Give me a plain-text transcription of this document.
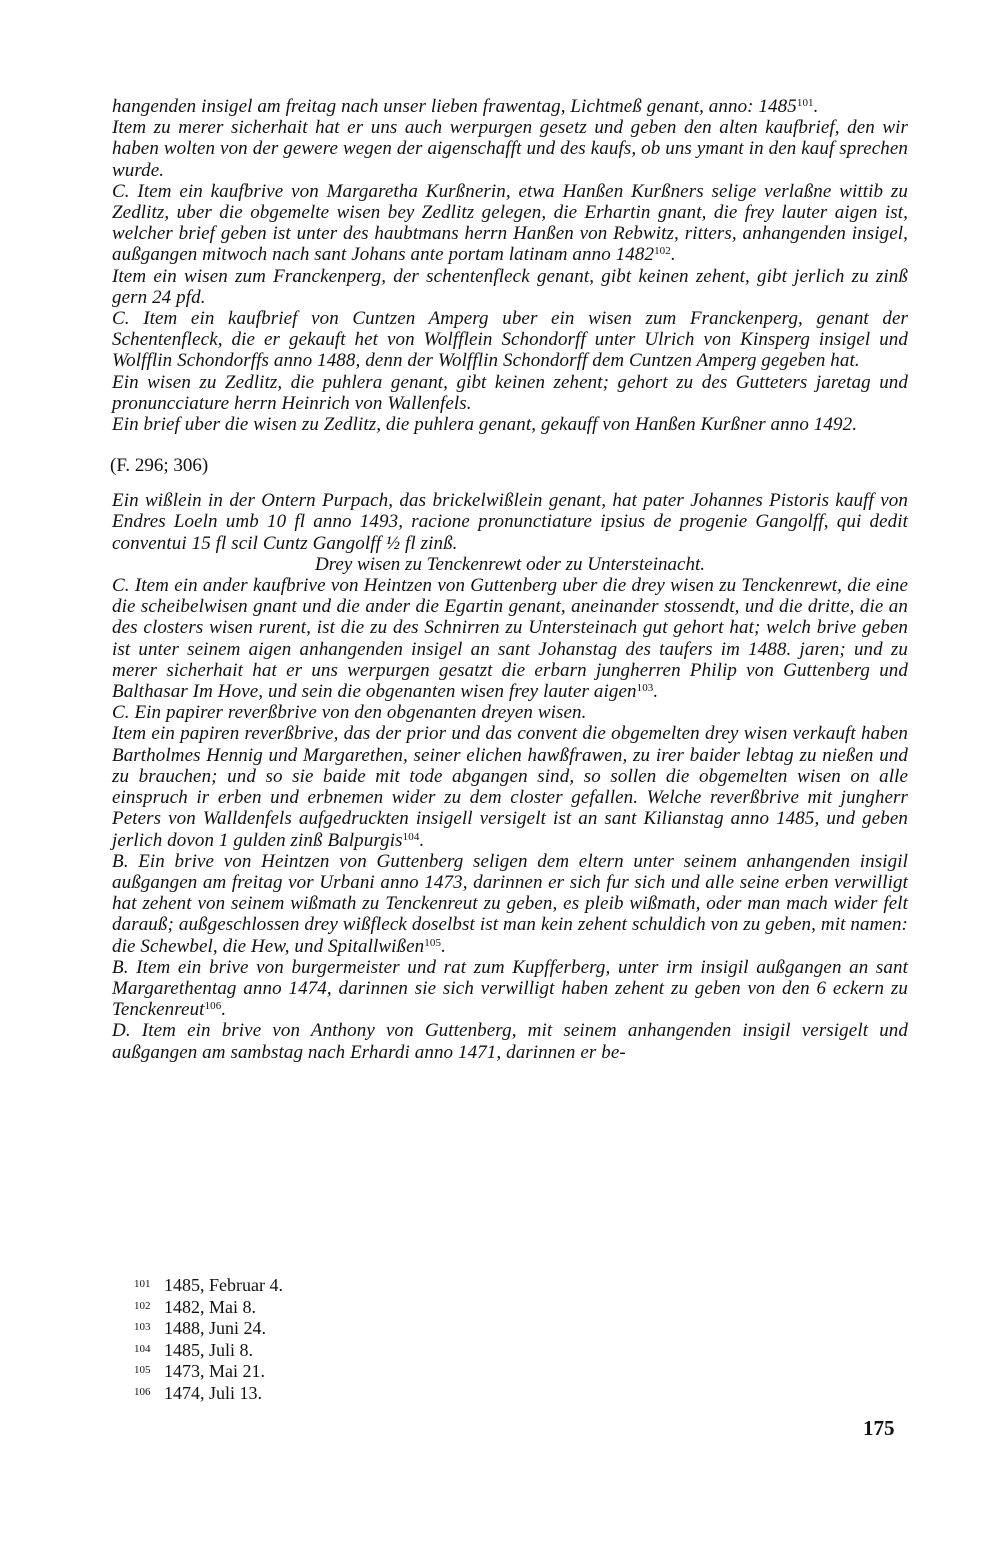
hangenden insigel am freitag nach unser lieben frawentag, Lichtmeß genant, anno: 1485$^{101}$.

Item zu merer sicherhait hat er uns auch werpurgen gesetz und geben den alten kaufbrief, den wir haben wolten von der gewere wegen der aigenschafft und des kaufs, ob uns ymant in den kauf sprechen wurde.

C. Item ein kaufbrive von Margaretha Kurßnerin, etwa Hanßen Kurßners selige verlaßne wittib zu Zedlitz, uber die obgemelte wisen bey Zedlitz gelegen, die Erhartin gnant, die frey lauter aigen ist, welcher brief geben ist unter des haubtmans herrn Hanßen von Rebwitz, ritters, anhangenden insigel, außgangen mitwoch nach sant Johans ante portam latinam anno 1482$^{102}$.

Item ein wisen zum Franckenperg, der schentenfleck genant, gibt keinen zehent, gibt jerlich zu zinß gern 24 pfd.

C. Item ein kaufbrief von Cuntzen Amperg uber ein wisen zum Franckenperg, genant der Schentenfleck, die er gekauft het von Wolfflein Schondorff unter Ulrich von Kinsperg insigel und Wolfflin Schondorffs anno 1488, denn der Wolfflin Schondorff dem Cuntzen Amperg gegeben hat.

Ein wisen zu Zedlitz, die puhlera genant, gibt keinen zehent; gehort zu des Gutteters jaretag und pronuncciature herrn Heinrich von Wallenfels.

Ein brief uber die wisen zu Zedlitz, die puhlera genant, gekauff von Hanßen Kurßner anno 1492.

(F. 296; 306)

Ein wißlein in der Ontern Purpach, das brickelwißlein genant, hat pater Johannes Pistoris kauff von Endres Loeln umb 10 fl anno 1493, racione pronunctiature ipsius de progenie Gangolff, qui dedit conventui 15 fl scil Cuntz Gangolff ½ fl zinß.

Drey wisen zu Tenckenrewt oder zu Untersteinacht.

C. Item ein ander kaufbrive von Heintzen von Guttenberg uber die drey wisen zu Tenckenrewt, die eine die scheibelwisen gnant und die ander die Egartin genant, aneinander stossendt, und die dritte, die an des closters wisen rurent, ist die zu des Schnirren zu Untersteinach gut gehort hat; welch brive geben ist unter seinem aigen anhangenden insigel an sant Johanstag des taufers im 1488. jaren; und zu merer sicherhait hat er uns werpurgen gesatzt die erbarn jungherren Philip von Guttenberg und Balthasar Im Hove, und sein die obgenanten wisen frey lauter aigen$^{103}$.

C. Ein papirer reverßbrive von den obgenanten dreyen wisen.

Item ein papiren reverßbrive, das der prior und das convent die obgemelten drey wisen verkauft haben Bartholmes Hennig und Margarethen, seiner elichen hawßfrawen, zu irer baider lebtag zu nießen und zu brauchen; und so sie baide mit tode abgangen sind, so sollen die obgemelten wisen on alle einspruch ir erben und erbnemen wider zu dem closter gefallen. Welche reverßbrive mit jungherr Peters von Walldenfels aufgedruckten insigell versigelt ist an sant Kilianstag anno 1485, und geben jerlich dovon 1 gulden zinß Balpurgis$^{104}$.

B. Ein brive von Heintzen von Guttenberg seligen dem eltern unter seinem anhangenden insigil außgangen am freitag vor Urbani anno 1473, darinnen er sich fur sich und alle seine erben verwilligt hat zehent von seinem wißmath zu Tenckenreut zu geben, es pleib wißmath, oder man mach wider felt darauß; außgeschlossen drey wißfleck doselbst ist man kein zehent schuldich von zu geben, mit namen: die Schewbel, die Hew, und Spitallwißen$^{105}$.

B. Item ein brive von burgermeister und rat zum Kupfferberg, unter irm insigil außgangen an sant Margarethentag anno 1474, darinnen sie sich verwilligt haben zehent zu geben von den 6 eckern zu Tenckenreut$^{106}$.

D. Item ein brive von Anthony von Guttenberg, mit seinem anhangenden insigil versigelt und außgangen am sambstag nach Erhardi anno 1471, darinnen er be-

101 1485, Februar 4.
102 1482, Mai 8.
103 1488, Juni 24.
104 1485, Juli 8.
105 1473, Mai 21.
106 1474, Juli 13.
175
